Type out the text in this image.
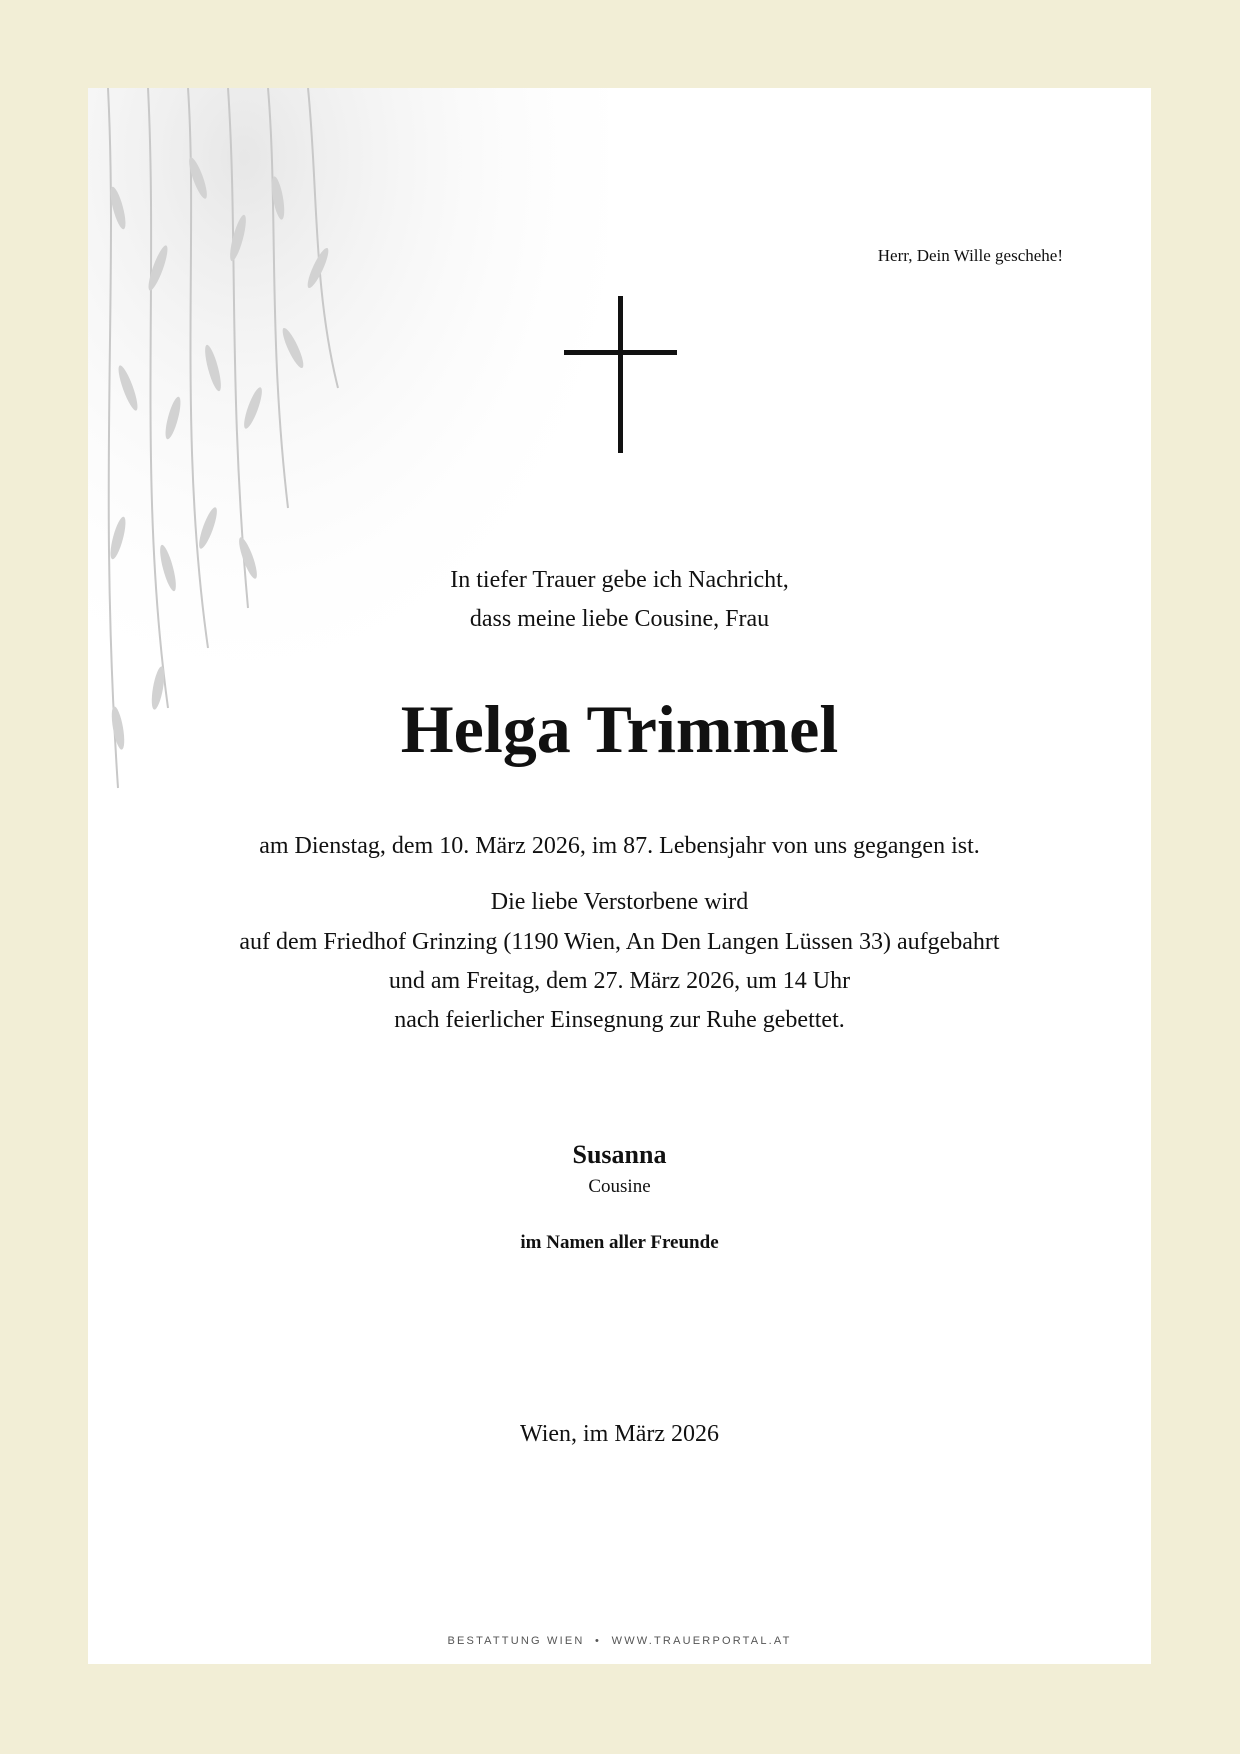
Herr, Dein Wille geschehe!
In tiefer Trauer gebe ich Nachricht,
dass meine liebe Cousine, Frau
Helga Trimmel
am Dienstag, dem 10. März 2026, im 87. Lebensjahr von uns gegangen ist.
Die liebe Verstorbene wird
auf dem Friedhof Grinzing (1190 Wien, An Den Langen Lüssen 33) aufgebahrt
und am Freitag, dem 27. März 2026, um 14 Uhr
nach feierlicher Einsegnung zur Ruhe gebettet.
Susanna
Cousine
im Namen aller Freunde
Wien, im März 2026
BESTATTUNG WIEN  •  WWW.TRAUERPORTAL.AT
